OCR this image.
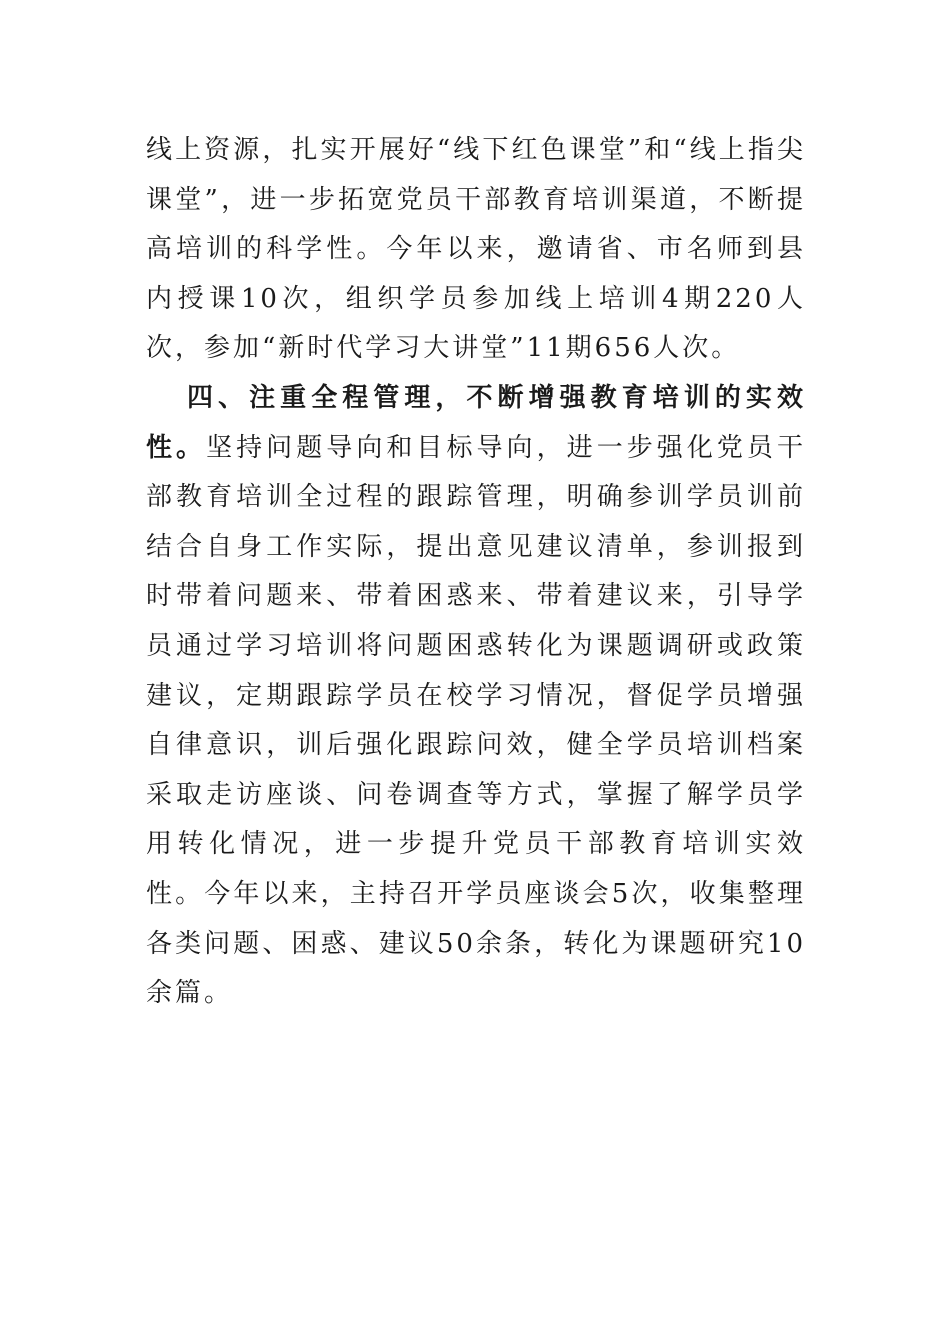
线上资源，扎实开展好“线下红色课堂”和“线上指尖课堂”，进一步拓宽党员干部教育培训渠道，不断提高培训的科学性。今年以来，邀请省、市名师到县内授课10次，组织学员参加线上培训4期220人次，参加“新时代学习大讲堂”11期656人次。

四、注重全程管理，不断增强教育培训的实效性。坚持问题导向和目标导向，进一步强化党员干部教育培训全过程的跟踪管理，明确参训学员训前结合自身工作实际，提出意见建议清单，参训报到时带着问题来、带着困惑来、带着建议来，引导学员通过学习培训将问题困惑转化为课题调研或政策建议，定期跟踪学员在校学习情况，督促学员增强自律意识，训后强化跟踪问效，健全学员培训档案采取走访座谈、问卷调查等方式，掌握了解学员学用转化情况，进一步提升党员干部教育培训实效性。今年以来，主持召开学员座谈会5次，收集整理各类问题、困惑、建议50余条，转化为课题研究10余篇。
